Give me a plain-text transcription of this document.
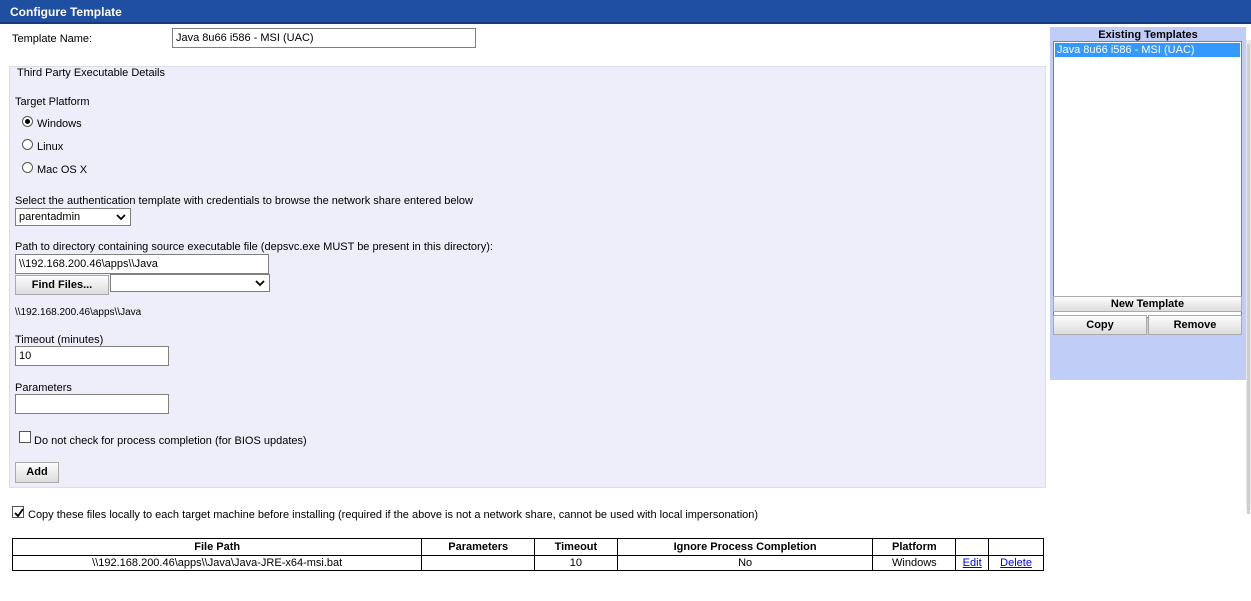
Configure Template
Template Name:	Java 8u66 i586 - MSI (UAC)
Third Party Executable Details
Target Platform
Windows
Linux
Mac OS X
Select the authentication template with credentials to browse the network share entered below
parentadmin
Path to directory containing source executable file (depsvc.exe MUST be present in this directory):
\\192.168.200.46\apps\\Java
Find Files...
\\192.168.200.46\apps\\Java
Timeout (minutes)
10
Parameters
Do not check for process completion (for BIOS updates)
Add
Copy these files locally to each target machine before installing (required if the above is not a network share, cannot be used with local impersonation)
File Path	Parameters	Timeout	Ignore Process Completion	Platform		
\\192.168.200.46\apps\\Java\Java-JRE-x64-msi.bat		10	No	Windows	Edit	Delete
Existing Templates
Java 8u66 i586 - MSI (UAC)
New Template
Copy	Remove
